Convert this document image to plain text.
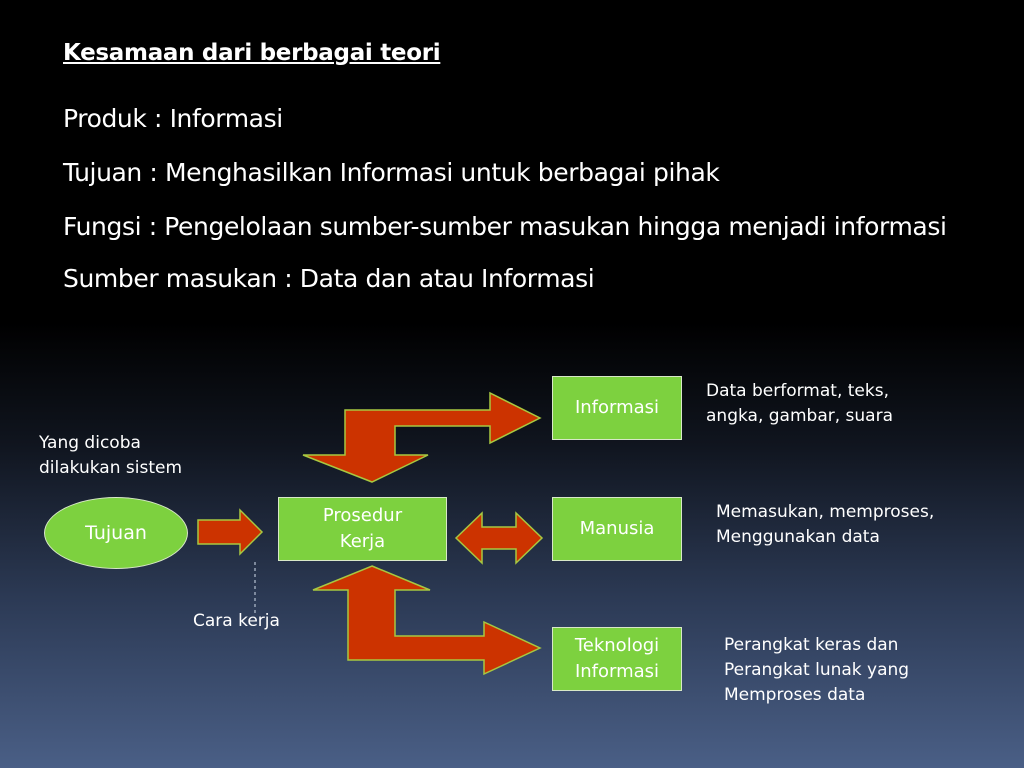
Kesamaan dari berbagai teori
Produk : Informasi
Tujuan : Menghasilkan Informasi untuk berbagai pihak
Fungsi : Pengelolaan sumber-sumber masukan hingga menjadi informasi
Sumber masukan : Data dan atau Informasi
Tujuan
Prosedur
Kerja
Informasi
Manusia
Teknologi
Informasi
Yang dicoba
dilakukan sistem
Cara kerja
Data berformat, teks,
angka, gambar, suara
Memasukan, memproses,
Menggunakan data
Perangkat keras dan
Perangkat lunak yang
Memproses data
